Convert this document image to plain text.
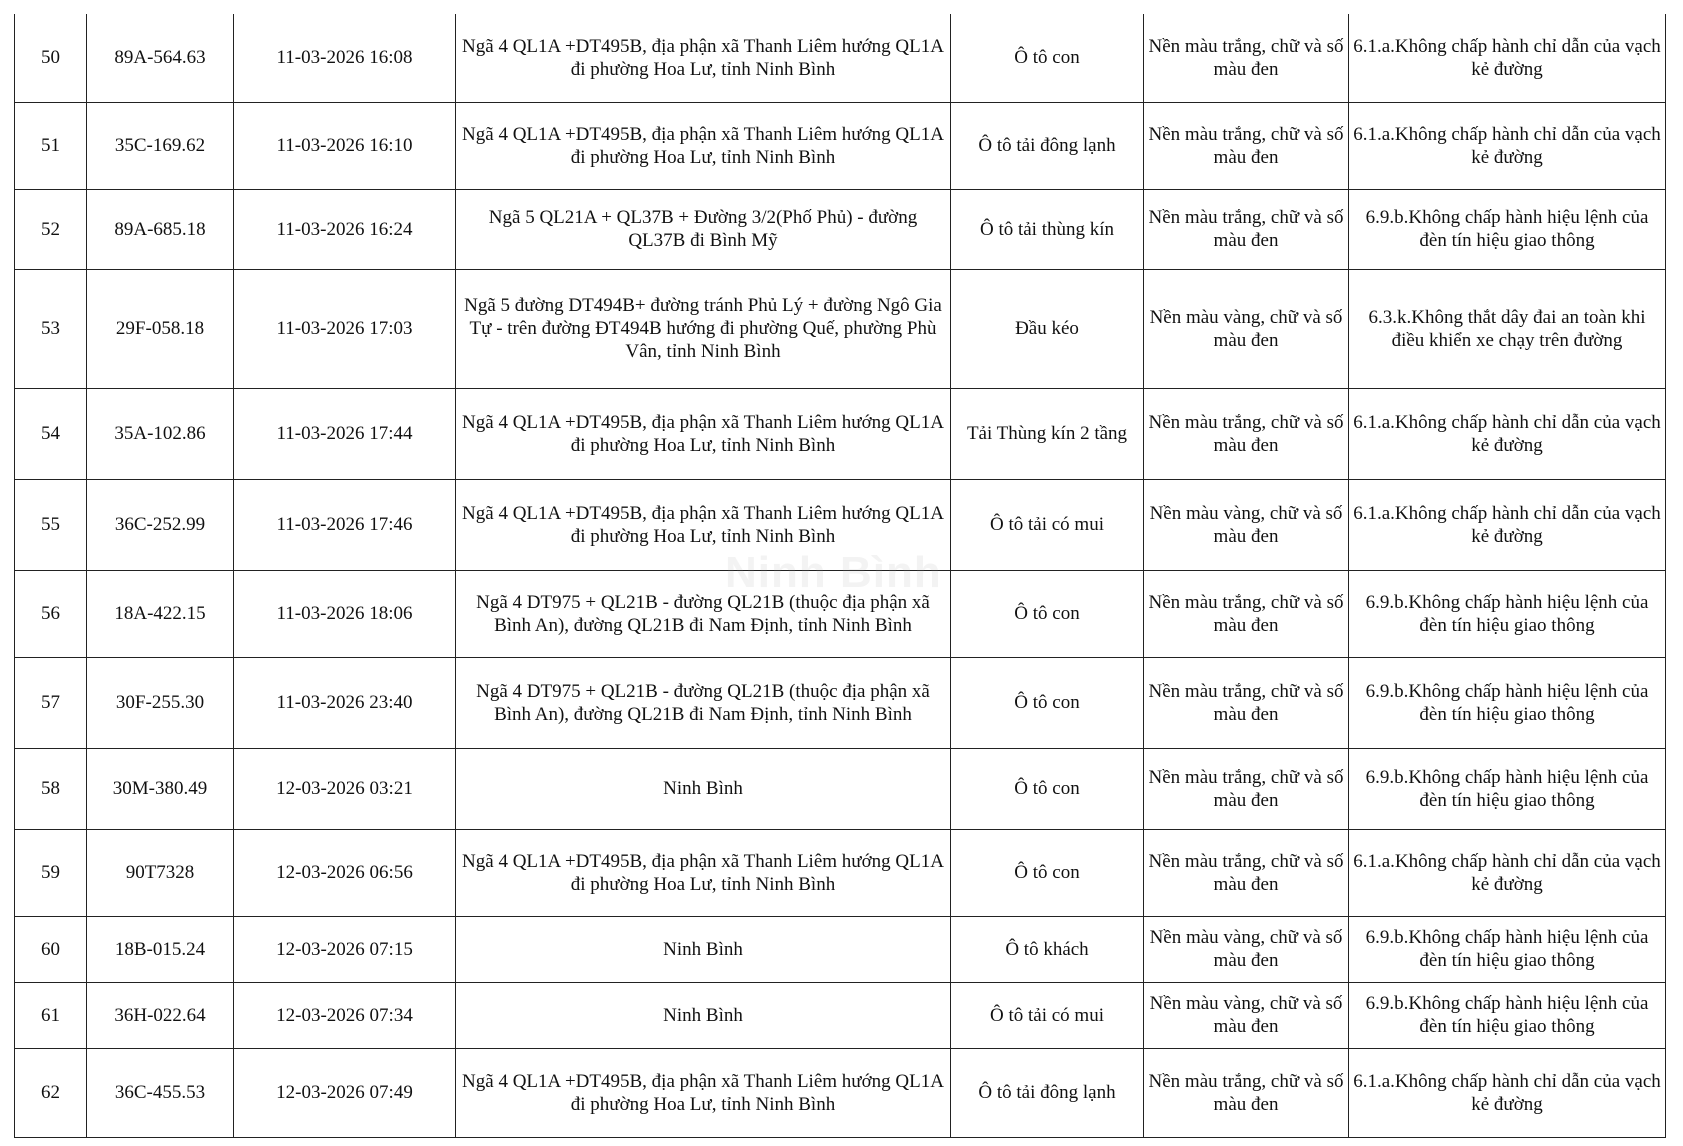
50	89A-564.63	11-03-2026 16:08	Ngã 4 QL1A +DT495B, địa phận xã Thanh Liêm hướng QL1A đi phường Hoa Lư, tỉnh Ninh Bình	Ô tô con	Nền màu trắng, chữ và số màu đen	6.1.a.Không chấp hành chỉ dẫn của vạch kẻ đường
51	35C-169.62	11-03-2026 16:10	Ngã 4 QL1A +DT495B, địa phận xã Thanh Liêm hướng QL1A đi phường Hoa Lư, tỉnh Ninh Bình	Ô tô tải đông lạnh	Nền màu trắng, chữ và số màu đen	6.1.a.Không chấp hành chỉ dẫn của vạch kẻ đường
52	89A-685.18	11-03-2026 16:24	Ngã 5 QL21A + QL37B + Đường 3/2(Phố Phủ) - đường QL37B đi Bình Mỹ	Ô tô tải thùng kín	Nền màu trắng, chữ và số màu đen	6.9.b.Không chấp hành hiệu lệnh của đèn tín hiệu giao thông
53	29F-058.18	11-03-2026 17:03	Ngã 5 đường DT494B+ đường tránh Phủ Lý + đường Ngô Gia Tự - trên đường ĐT494B hướng đi phường Quế, phường Phù Vân, tỉnh Ninh Bình	Đầu kéo	Nền màu vàng, chữ và số màu đen	6.3.k.Không thắt dây đai an toàn khi điều khiển xe chạy trên đường
54	35A-102.86	11-03-2026 17:44	Ngã 4 QL1A +DT495B, địa phận xã Thanh Liêm hướng QL1A đi phường Hoa Lư, tỉnh Ninh Bình	Tải Thùng kín 2 tầng	Nền màu trắng, chữ và số màu đen	6.1.a.Không chấp hành chỉ dẫn của vạch kẻ đường
55	36C-252.99	11-03-2026 17:46	Ngã 4 QL1A +DT495B, địa phận xã Thanh Liêm hướng QL1A đi phường Hoa Lư, tỉnh Ninh Bình	Ô tô tải có mui	Nền màu vàng, chữ và số màu đen	6.1.a.Không chấp hành chỉ dẫn của vạch kẻ đường
56	18A-422.15	11-03-2026 18:06	Ngã 4 DT975 + QL21B - đường QL21B (thuộc địa phận xã Bình An), đường QL21B đi Nam Định, tỉnh Ninh Bình	Ô tô con	Nền màu trắng, chữ và số màu đen	6.9.b.Không chấp hành hiệu lệnh của đèn tín hiệu giao thông
57	30F-255.30	11-03-2026 23:40	Ngã 4 DT975 + QL21B - đường QL21B (thuộc địa phận xã Bình An), đường QL21B đi Nam Định, tỉnh Ninh Bình	Ô tô con	Nền màu trắng, chữ và số màu đen	6.9.b.Không chấp hành hiệu lệnh của đèn tín hiệu giao thông
58	30M-380.49	12-03-2026 03:21	Ninh Bình	Ô tô con	Nền màu trắng, chữ và số màu đen	6.9.b.Không chấp hành hiệu lệnh của đèn tín hiệu giao thông
59	90T7328	12-03-2026 06:56	Ngã 4 QL1A +DT495B, địa phận xã Thanh Liêm hướng QL1A đi phường Hoa Lư, tỉnh Ninh Bình	Ô tô con	Nền màu trắng, chữ và số màu đen	6.1.a.Không chấp hành chỉ dẫn của vạch kẻ đường
60	18B-015.24	12-03-2026 07:15	Ninh Bình	Ô tô khách	Nền màu vàng, chữ và số màu đen	6.9.b.Không chấp hành hiệu lệnh của đèn tín hiệu giao thông
61	36H-022.64	12-03-2026 07:34	Ninh Bình	Ô tô tải có mui	Nền màu vàng, chữ và số màu đen	6.9.b.Không chấp hành hiệu lệnh của đèn tín hiệu giao thông
62	36C-455.53	12-03-2026 07:49	Ngã 4 QL1A +DT495B, địa phận xã Thanh Liêm hướng QL1A đi phường Hoa Lư, tỉnh Ninh Bình	Ô tô tải đông lạnh	Nền màu trắng, chữ và số màu đen	6.1.a.Không chấp hành chỉ dẫn của vạch kẻ đường
Ninh Bình
